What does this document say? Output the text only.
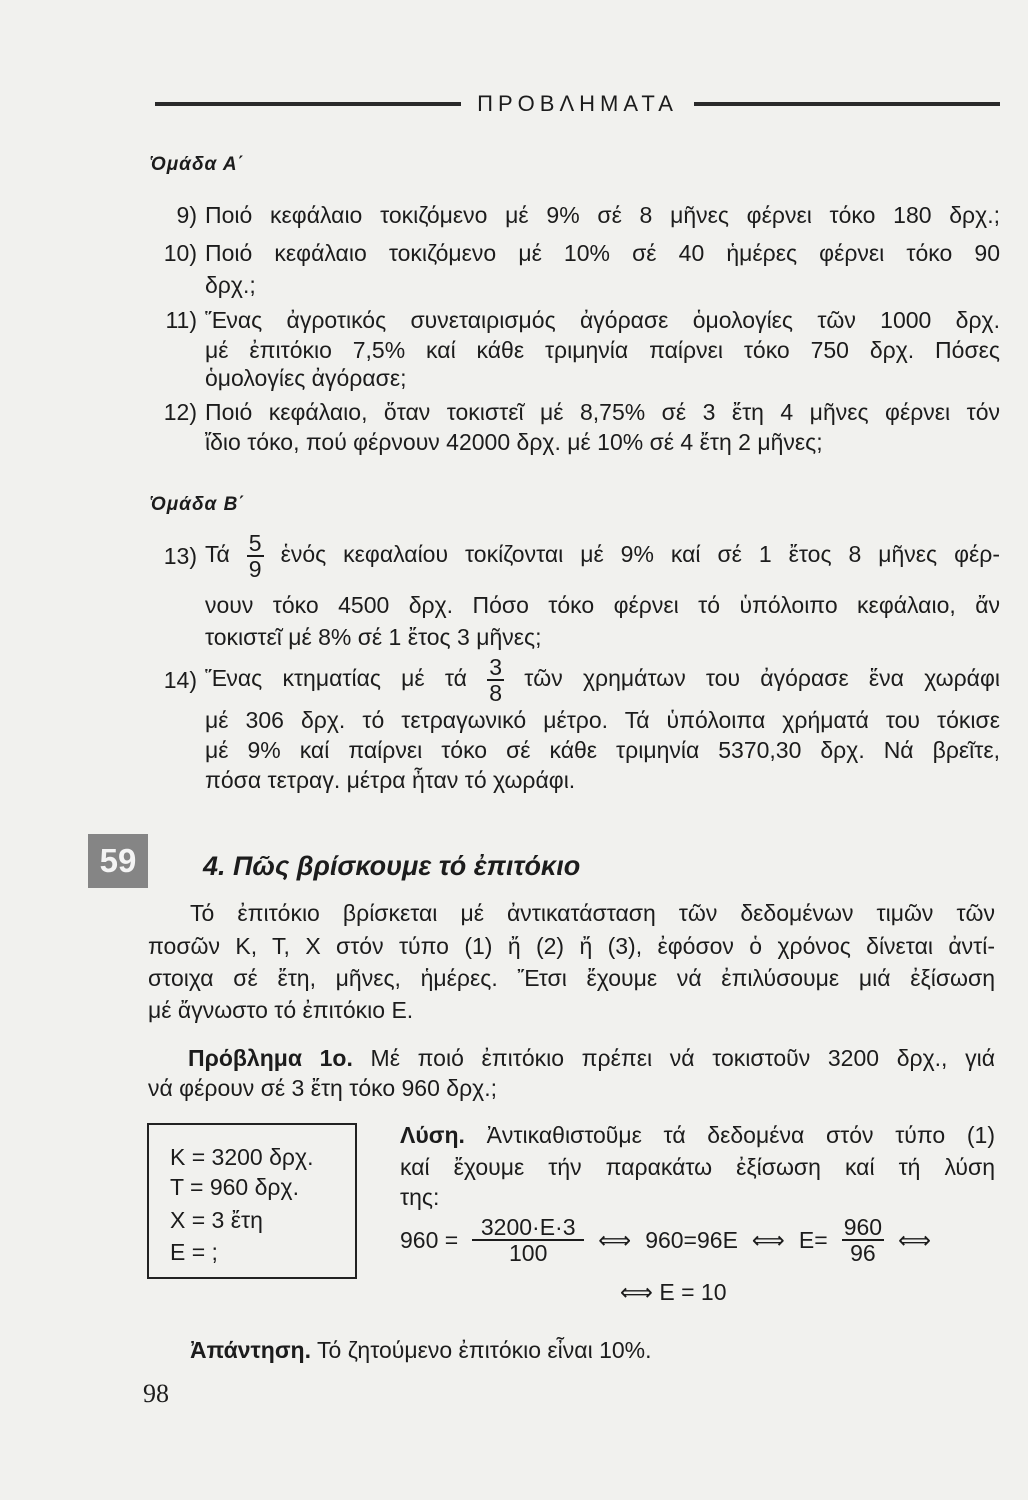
ΠΡΟΒΛΗΜΑΤΑ
Ὁμάδα Α΄
9) Ποιό κεφάλαιο τοκιζόμενο μέ 9% σέ 8 μῆνες φέρνει τόκο 180 δρχ.;
10) Ποιό κεφάλαιο τοκιζόμενο μέ 10% σέ 40 ἡμέρες φέρνει τόκο 90
δρχ.;
11) Ἕνας ἀγροτικός συνεταιρισμός ἀγόρασε ὁμολογίες τῶν 1000 δρχ.
μέ ἐπιτόκιο 7,5% καί κάθε τριμηνία παίρνει τόκο 750 δρχ. Πόσες
ὁμολογίες ἀγόρασε;
12) Ποιό κεφάλαιο, ὅταν τοκιστεῖ μέ 8,75% σέ 3 ἔτη 4 μῆνες φέρνει τόν
ἴδιο τόκο, πού φέρνουν 42000 δρχ. μέ 10% σέ 4 ἔτη 2 μῆνες;
Ὁμάδα Β΄
13) Τά $\frac{5}{9}$ ἑνός κεφαλαίου τοκίζονται μέ 9% καί σέ 1 ἔτος 8 μῆνες φέρ-
νουν τόκο 4500 δρχ. Πόσο τόκο φέρνει τό ὑπόλοιπο κεφάλαιο, ἄν
τοκιστεῖ μέ 8% σέ 1 ἔτος 3 μῆνες;
14) Ἕνας κτηματίας μέ τά $\frac{3}{8}$ τῶν χρημάτων του ἀγόρασε ἕνα χωράφι
μέ 306 δρχ. τό τετραγωνικό μέτρο. Τά ὑπόλοιπα χρήματά του τόκισε
μέ 9% καί παίρνει τόκο σέ κάθε τριμηνία 5370,30 δρχ. Νά βρεῖτε,
πόσα τετραγ. μέτρα ἦταν τό χωράφι.
59	4. Πῶς βρίσκουμε τό ἐπιτόκιο
Τό ἐπιτόκιο βρίσκεται μέ ἀντικατάσταση τῶν δεδομένων τιμῶν τῶν
ποσῶν Κ, Τ, Χ στόν τύπο (1) ἤ (2) ἤ (3), ἐφόσον ὁ χρόνος δίνεται ἀντί-
στοιχα σέ ἔτη, μῆνες, ἡμέρες. Ἔτσι ἔχουμε νά ἐπιλύσουμε μιά ἐξίσωση
μέ ἄγνωστο τό ἐπιτόκιο Ε.
Πρόβλημα 1ο. Μέ ποιό ἐπιτόκιο πρέπει νά τοκιστοῦν 3200 δρχ., γιά
νά φέρουν σέ 3 ἔτη τόκο 960 δρχ.;
Κ = 3200 δρχ.
Τ = 960 δρχ.
Χ = 3 ἔτη
Ε = ;
Λύση. Ἀντικαθιστοῦμε τά δεδομένα στόν τύπο (1)
καί ἔχουμε τήν παρακάτω ἐξίσωση καί τή λύση
της:
$960 = \frac{3200\cdot E\cdot 3}{100}$ ⟺ 960=96Ε ⟺ $E= \frac{960}{96}$ ⟺
⟺ Ε = 10
Ἀπάντηση. Τό ζητούμενο ἐπιτόκιο εἶναι 10%.
98
